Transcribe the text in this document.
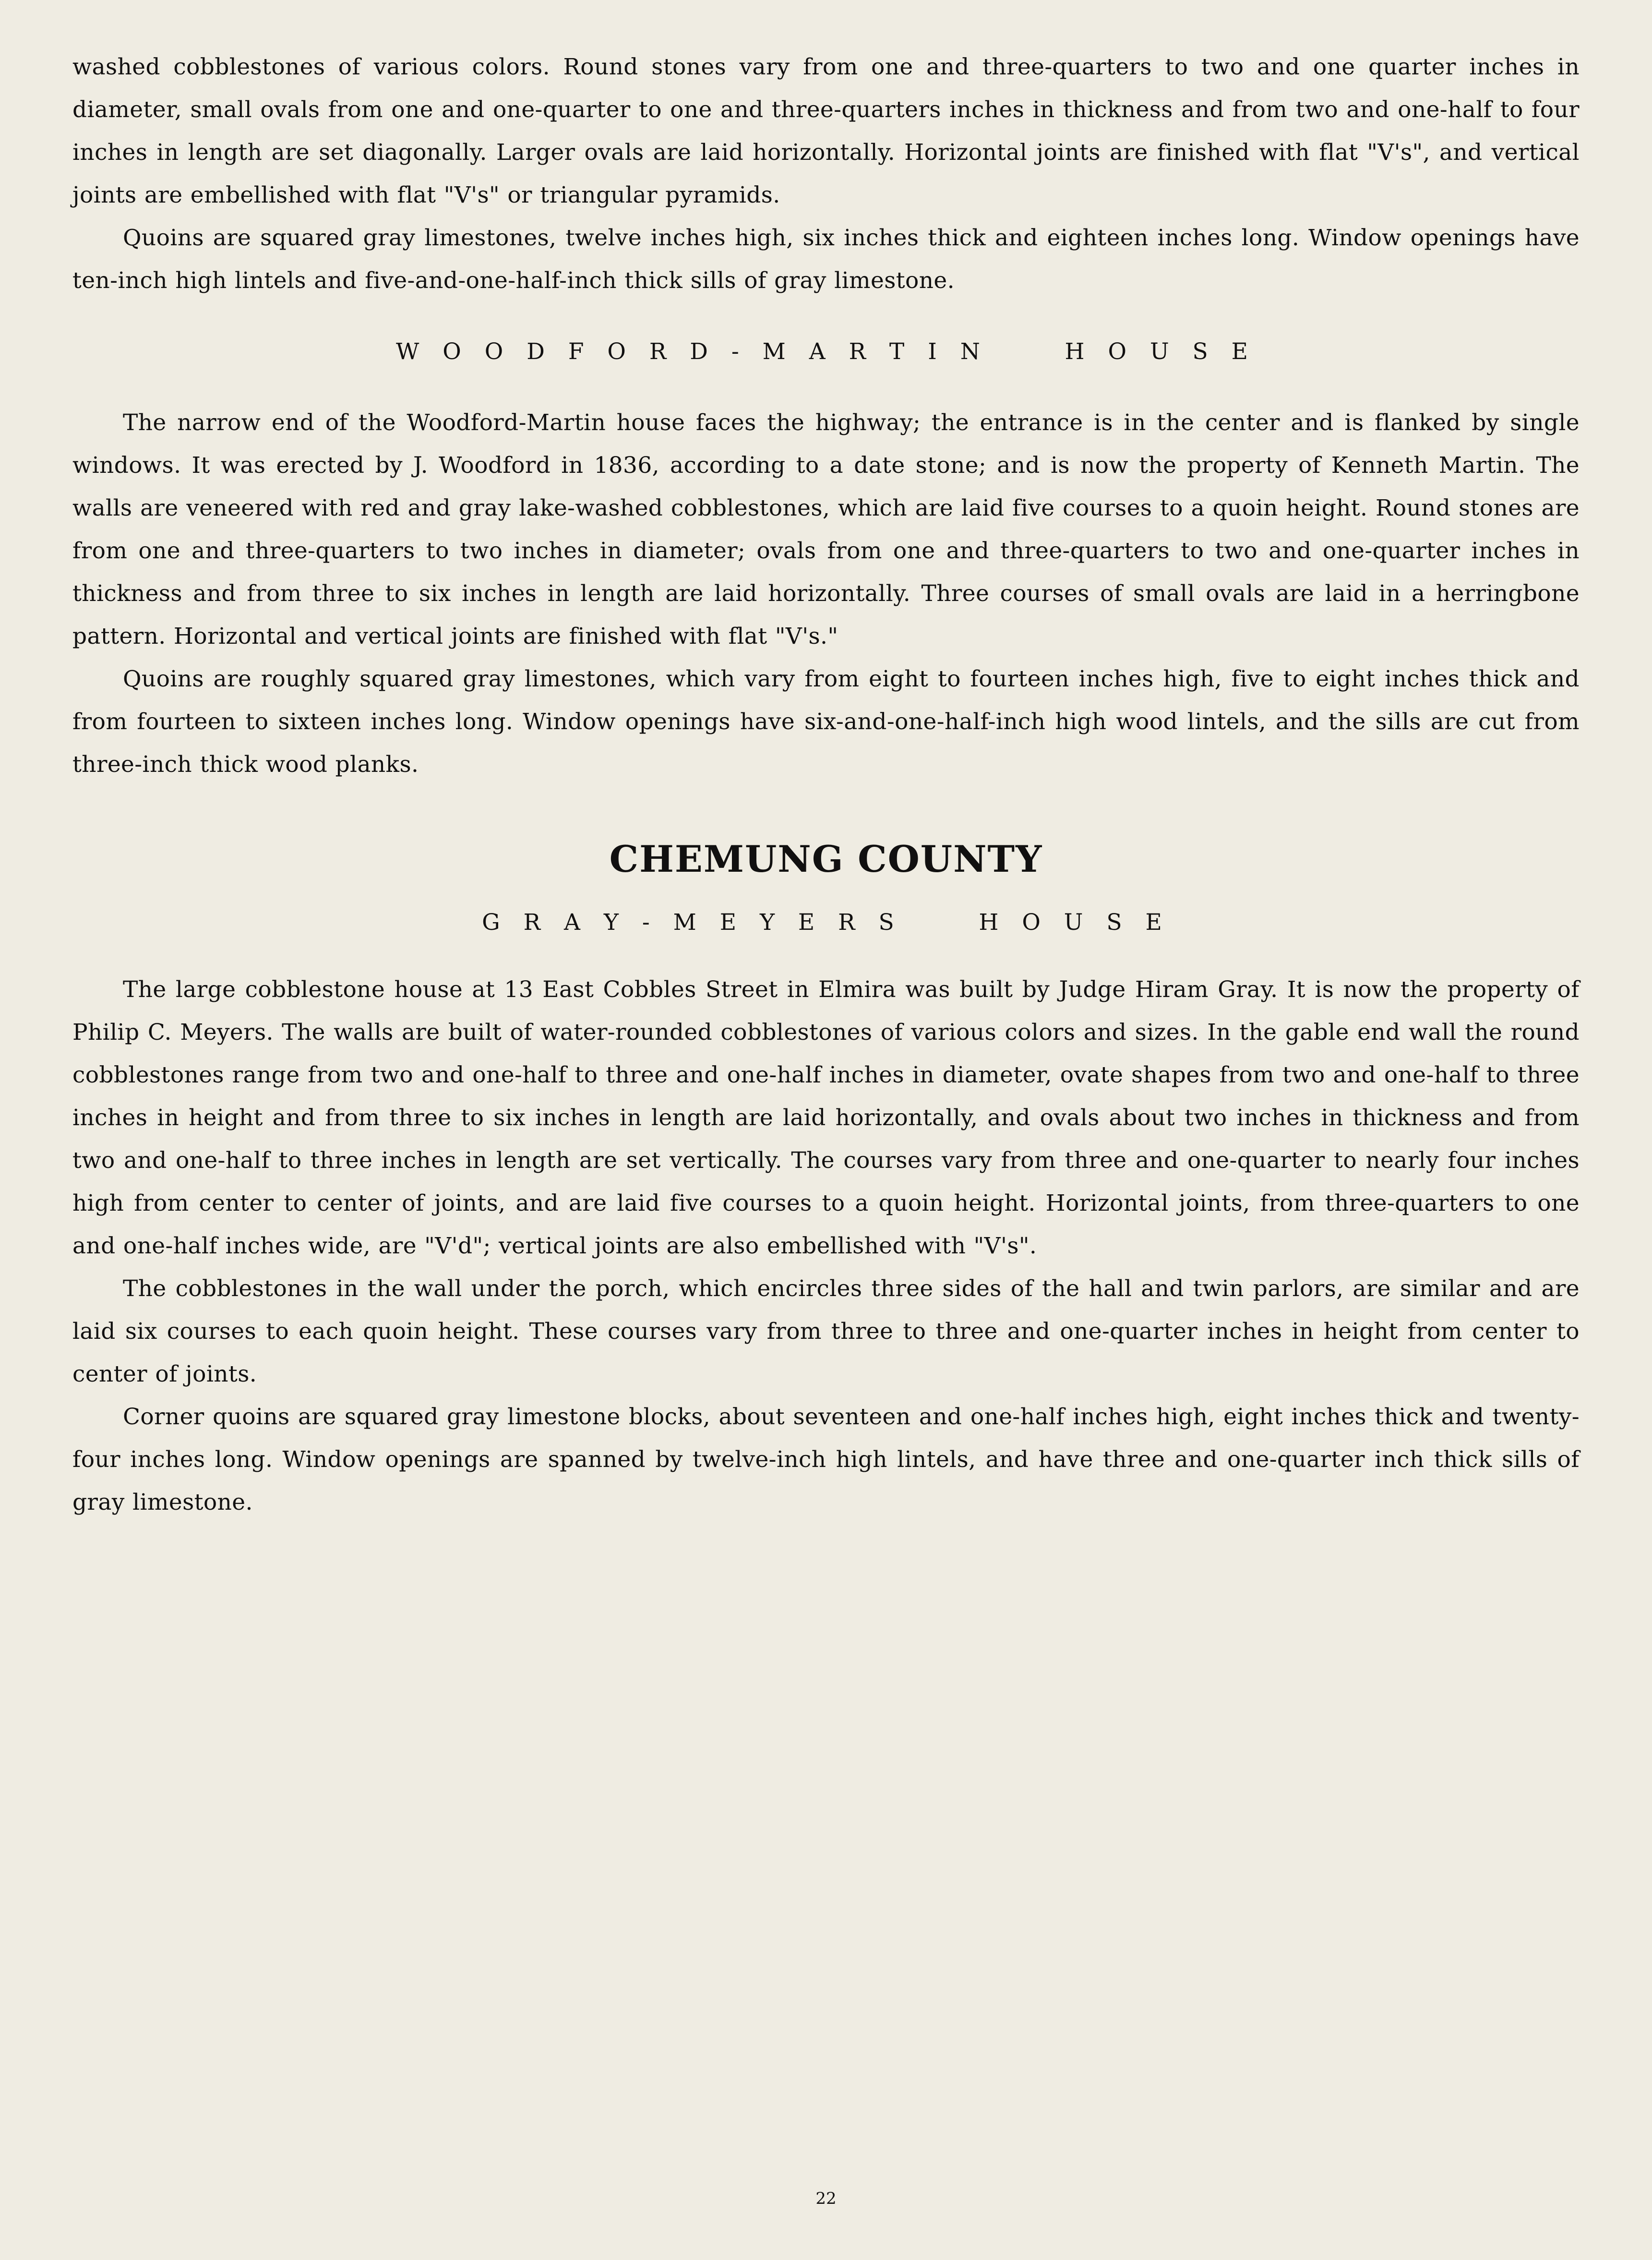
washed cobblestones of various colors. Round stones vary from one and three-quarters to two and one quarter inches in diameter, small ovals from one and one-quarter to one and three-quarters inches in thickness and from two and one-half to four inches in length are set diagonally. Larger ovals are laid horizontally. Horizontal joints are finished with flat "V's", and vertical joints are embellished with flat "V's" or triangular pyramids.

Quoins are squared gray limestones, twelve inches high, six inches thick and eighteen inches long. Window openings have ten-inch high lintels and five-and-one-half-inch thick sills of gray limestone.

W O O D F O R D - M A R T I N     H O U S E

The narrow end of the Woodford-Martin house faces the highway; the entrance is in the center and is flanked by single windows. It was erected by J. Woodford in 1836, according to a date stone; and is now the property of Kenneth Martin. The walls are veneered with red and gray lake-washed cobblestones, which are laid five courses to a quoin height. Round stones are from one and three-quarters to two inches in diameter; ovals from one and three-quarters to two and one-quarter inches in thickness and from three to six inches in length are laid horizontally. Three courses of small ovals are laid in a herringbone pattern. Horizontal and vertical joints are finished with flat "V's."

Quoins are roughly squared gray limestones, which vary from eight to fourteen inches high, five to eight inches thick and from fourteen to sixteen inches long. Window openings have six-and-one-half-inch high wood lintels, and the sills are cut from three-inch thick wood planks.

CHEMUNG COUNTY
G R A Y - M E Y E R S     H O U S E

The large cobblestone house at 13 East Cobbles Street in Elmira was built by Judge Hiram Gray. It is now the property of Philip C. Meyers. The walls are built of water-rounded cobblestones of various colors and sizes. In the gable end wall the round cobblestones range from two and one-half to three and one-half inches in diameter, ovate shapes from two and one-half to three inches in height and from three to six inches in length are laid horizontally, and ovals about two inches in thickness and from two and one-half to three inches in length are set vertically. The courses vary from three and one-quarter to nearly four inches high from center to center of joints, and are laid five courses to a quoin height. Horizontal joints, from three-quarters to one and one-half inches wide, are "V'd"; vertical joints are also embellished with "V's".

The cobblestones in the wall under the porch, which encircles three sides of the hall and twin parlors, are similar and are laid six courses to each quoin height. These courses vary from three to three and one-quarter inches in height from center to center of joints.

Corner quoins are squared gray limestone blocks, about seventeen and one-half inches high, eight inches thick and twenty-four inches long. Window openings are spanned by twelve-inch high lintels, and have three and one-quarter inch thick sills of gray limestone.

22
